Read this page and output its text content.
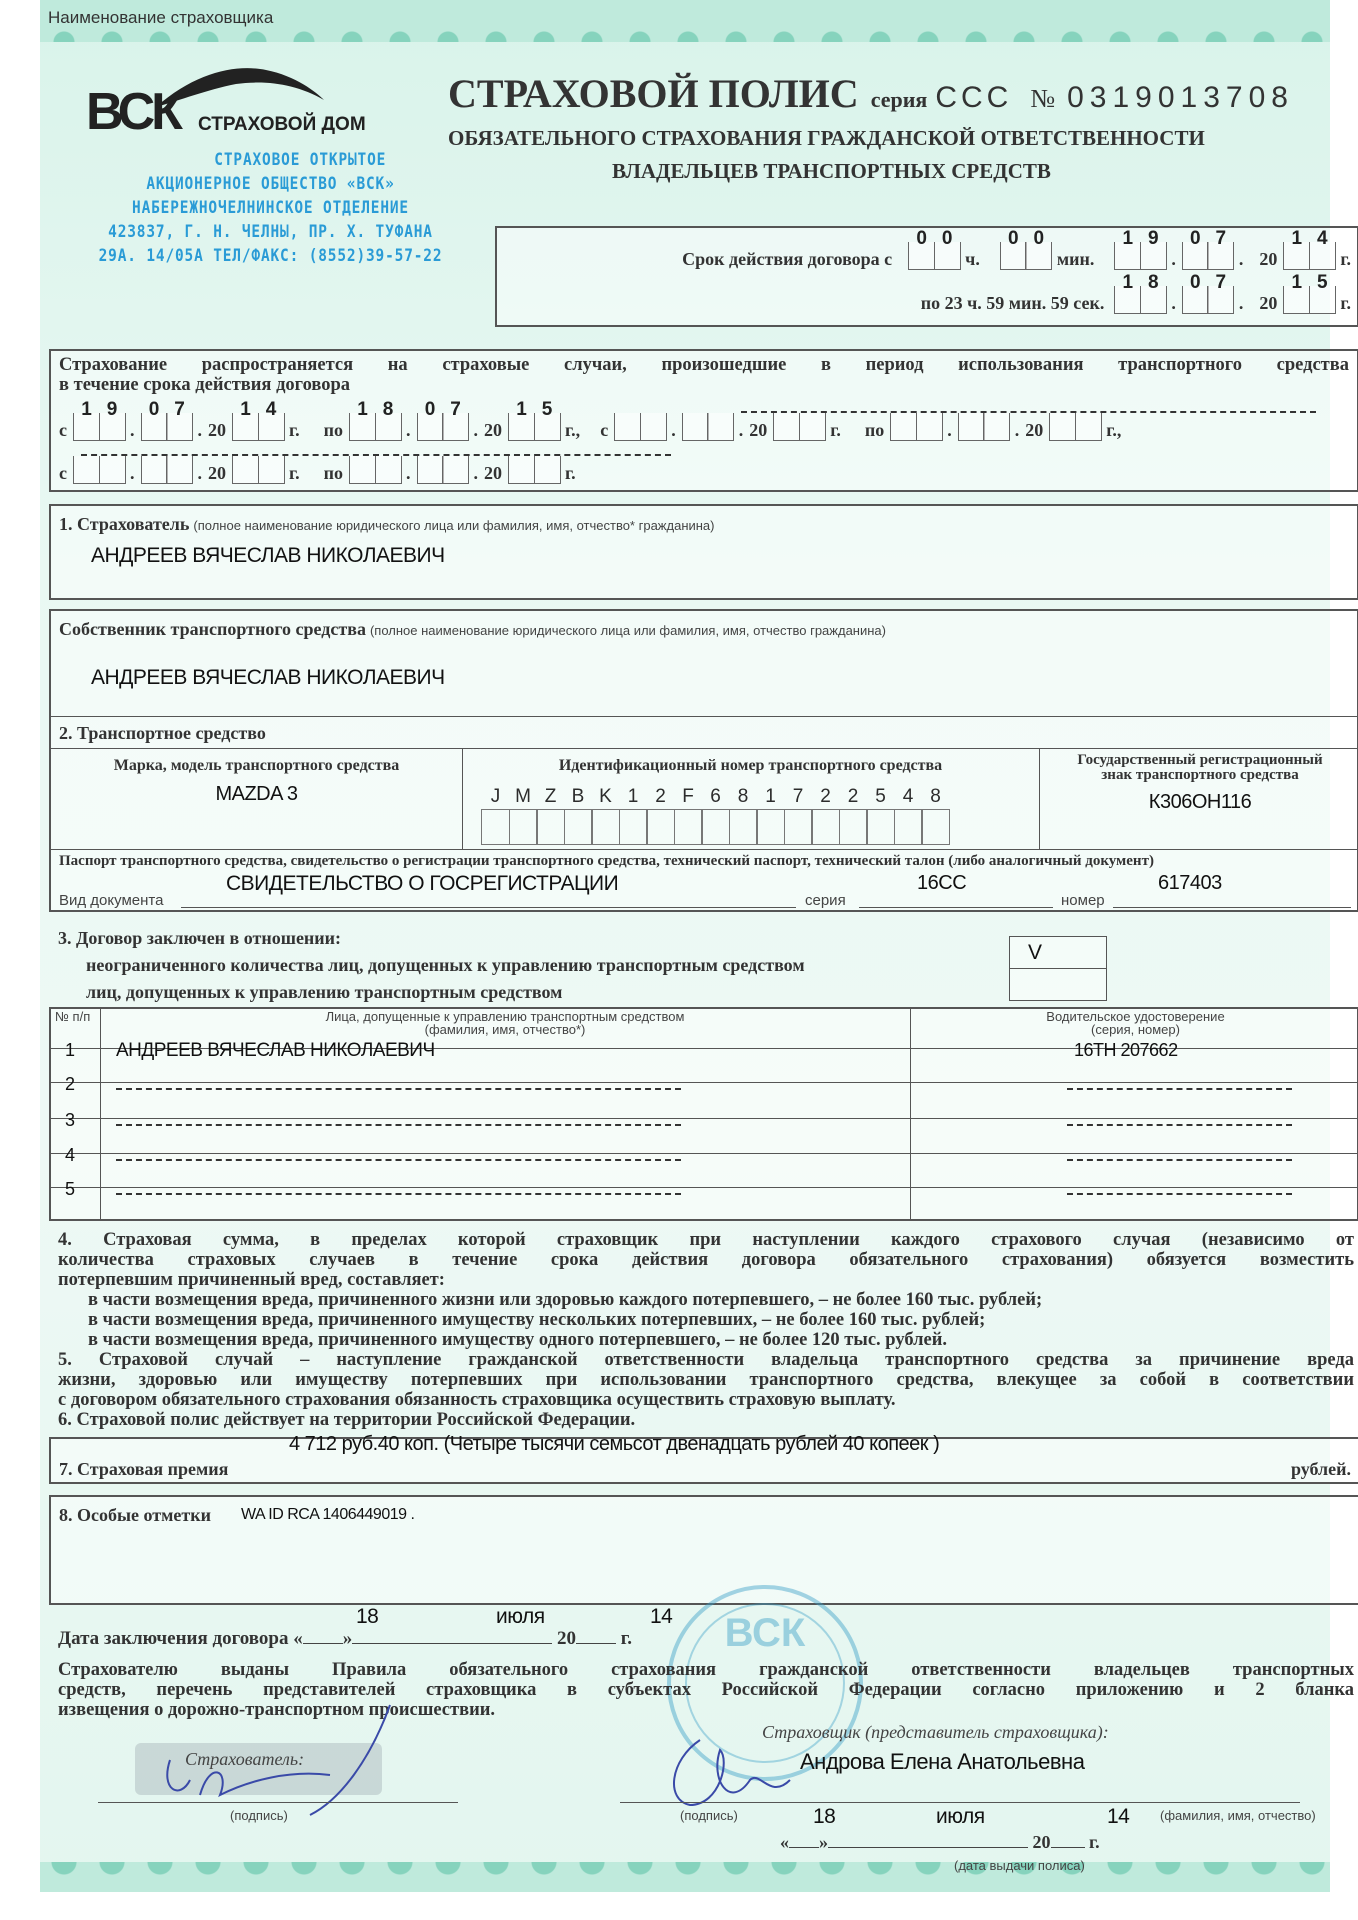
Наименование страховщика
ВСК СТРАХОВОЙ ДОМ
СТРАХОВОЕ ОТКРЫТОЕ
АКЦИОНЕРНОЕ ОБЩЕСТВО «ВСК»
НАБЕРЕЖНОЧЕЛНИНСКОЕ ОТДЕЛЕНИЕ
423837, Г. Н. ЧЕЛНЫ, ПР. Х. ТУФАНА
29А. 14/05А ТЕЛ/ФАКС: (8552)39-57-22
СТРАХОВОЙ ПОЛИС серия ССС № 0319013708
ОБЯЗАТЕЛЬНОГО СТРАХОВАНИЯ ГРАЖДАНСКОЙ ОТВЕТСТВЕННОСТИ
ВЛАДЕЛЬЦЕВ ТРАНСПОРТНЫХ СРЕДСТВ
Срок действия договора с
0 0
ч.
0 0
мин.
1 9
.
0 7
. 20
1 4
г.
по 23 ч. 59 мин. 59 сек.
1 8
.
0 7
. 20
1 5
г.
Страхование распространяется на страховые случаи, произошедшие в период использования транспортного средства
в течение срока действия договора
с
1 9
.
0 7
. 20
1 4
г. по
1 8
.
0 7
. 20
1 5
г., с	.	. 20	г. по	.	. 20	г.,
с	.	. 20	г. по	.	. 20	г.
1. Страхователь (полное наименование юридического лица или фамилия, имя, отчество* гражданина)
АНДРЕЕВ ВЯЧЕСЛАВ НИКОЛАЕВИЧ
Собственник транспортного средства (полное наименование юридического лица или фамилия, имя, отчество гражданина)
АНДРЕЕВ ВЯЧЕСЛАВ НИКОЛАЕВИЧ
2. Транспортное средство
Марка, модель транспортного средства
MAZDA 3
Идентификационный номер транспортного средства
J M Z B K 1 2 F 6 8 1 7 2 2 5 4 8
Государственный регистрационный
знак транспортного средства
К306ОН116
Паспорт транспортного средства, свидетельство о регистрации транспортного средства, технический паспорт, технический талон (либо аналогичный документ)
СВИДЕТЕЛЬСТВО О ГОСРЕГИСТРАЦИИ	16СС	617403
Вид документа	серия	номер
3. Договор заключен в отношении:
неограниченного количества лиц, допущенных к управлению транспортным средством
лиц, допущенных к управлению транспортным средством
V
№ п/п	Лица, допущенные к управлению транспортным средством
(фамилия, имя, отчество*)
Водительское удостоверение
(серия, номер)
1 АНДРЕЕВ ВЯЧЕСЛАВ НИКОЛАЕВИЧ	16ТН 207662
2
3
4
5
4. Страховая сумма, в пределах которой страховщик при наступлении каждого страхового случая (независимо от
количества страховых случаев в течение срока действия договора обязательного страхования) обязуется возместить
потерпевшим причиненный вред, составляет:
в части возмещения вреда, причиненного жизни или здоровью каждого потерпевшего, – не более 160 тыс. рублей;
в части возмещения вреда, причиненного имуществу нескольких потерпевших, – не более 160 тыс. рублей;
в части возмещения вреда, причиненного имуществу одного потерпевшего, – не более 120 тыс. рублей.
5. Страховой случай – наступление гражданской ответственности владельца транспортного средства за причинение вреда
жизни, здоровью или имуществу потерпевших при использовании транспортного средства, влекущее за собой в соответствии
с договором обязательного страхования обязанность страховщика осуществить страховую выплату.
6. Страховой полис действует на территории Российской Федерации.
7. Страховая премия
4 712 руб.40 коп. (Четыре тысячи семьсот двенадцать рублей 40 копеек )
рублей.
8. Особые отметки WA ID RCA 1406449019 .
ВСК
Дата заключения договора « »	20 г.
18	июля	14
Страхователю выданы Правила обязательного страхования гражданской ответственности владельцев транспортных
средств, перечень представителей страховщика в субъектах Российской Федерации согласно приложению и 2 бланка
извещения о дорожно-транспортном происшествии.
Страхователь:
(подпись)
Страховщик (представитель страховщика):
Андрова Елена Анатольевна
(подпись)	(фамилия, имя, отчество)
18	июля	14
« »	20 г.
(дата выдачи полиса)
